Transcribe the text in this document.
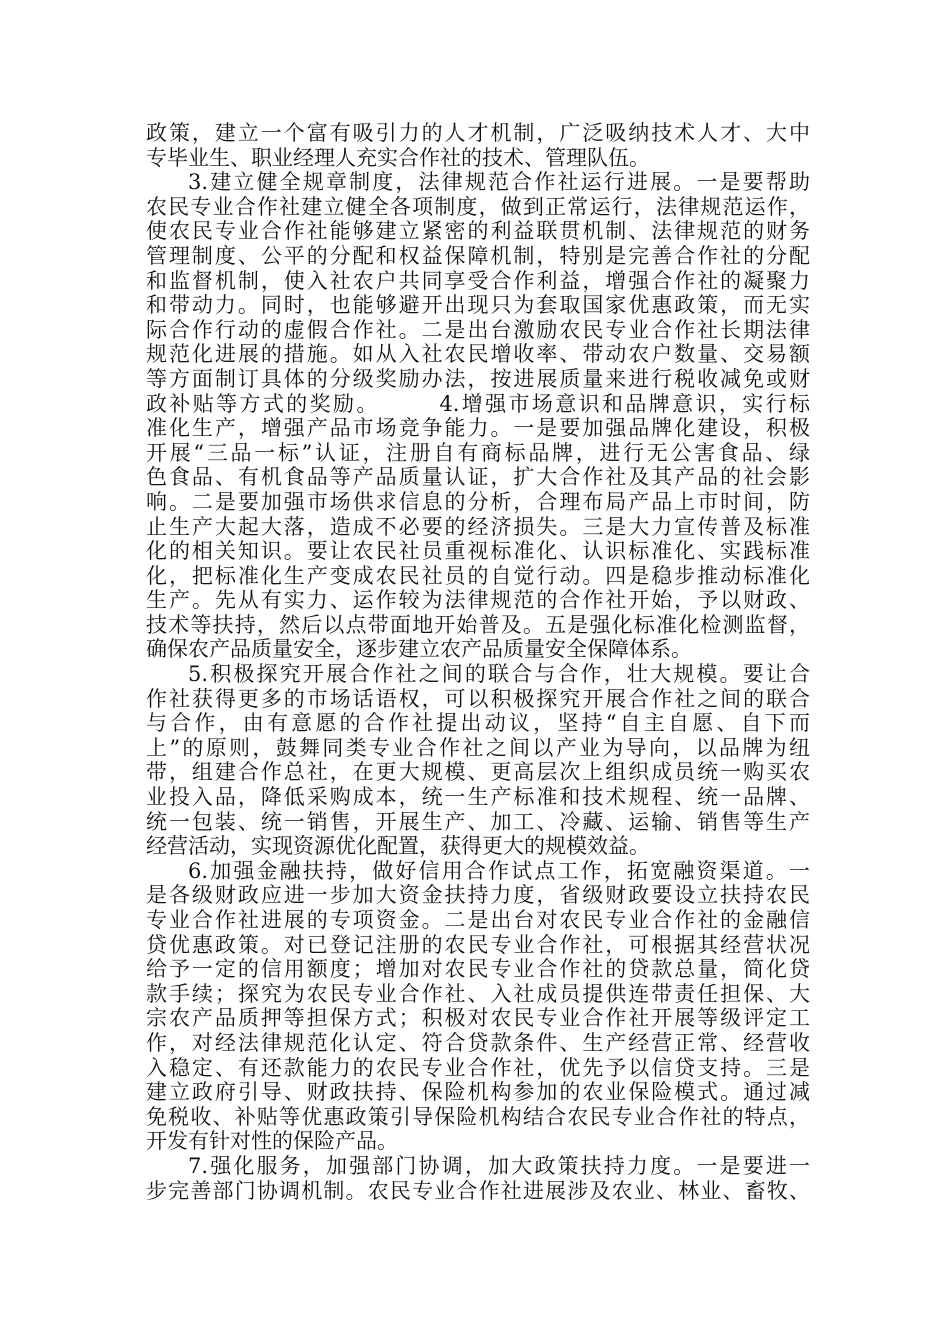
政策，建立一个富有吸引力的人才机制，广泛吸纳技术人才、大中
专毕业生、职业经理人充实合作社的技术、管理队伍。
3.建立健全规章制度，法律规范合作社运行进展。一是要帮助
农民专业合作社建立健全各项制度，做到正常运行，法律规范运作，
使农民专业合作社能够建立紧密的利益联贯机制、法律规范的财务
管理制度、公平的分配和权益保障机制，特别是完善合作社的分配
和监督机制，使入社农户共同享受合作利益，增强合作社的凝聚力
和带动力。同时，也能够避开出现只为套取国家优惠政策，而无实
际合作行动的虚假合作社。二是出台激励农民专业合作社长期法律
规范化进展的措施。如从入社农民增收率、带动农户数量、交易额
等方面制订具体的分级奖励办法，按进展质量来进行税收减免或财
政补贴等方式的奖励。　　　4.增强市场意识和品牌意识，实行标
准化生产，增强产品市场竞争能力。一是要加强品牌化建设，积极
开展“三品一标”认证，注册自有商标品牌，进行无公害食品、绿
色食品、有机食品等产品质量认证，扩大合作社及其产品的社会影
响。二是要加强市场供求信息的分析，合理布局产品上市时间，防
止生产大起大落，造成不必要的经济损失。三是大力宣传普及标准
化的相关知识。要让农民社员重视标准化、认识标准化、实践标准
化，把标准化生产变成农民社员的自觉行动。四是稳步推动标准化
生产。先从有实力、运作较为法律规范的合作社开始，予以财政、
技术等扶持，然后以点带面地开始普及。五是强化标准化检测监督，
确保农产品质量安全，逐步建立农产品质量安全保障体系。
5.积极探究开展合作社之间的联合与合作，壮大规模。要让合
作社获得更多的市场话语权，可以积极探究开展合作社之间的联合
与合作，由有意愿的合作社提出动议，坚持“自主自愿、自下而
上”的原则，鼓舞同类专业合作社之间以产业为导向，以品牌为纽
带，组建合作总社，在更大规模、更高层次上组织成员统一购买农
业投入品，降低采购成本，统一生产标准和技术规程、统一品牌、
统一包装、统一销售，开展生产、加工、冷藏、运输、销售等生产
经营活动，实现资源优化配置，获得更大的规模效益。
6.加强金融扶持，做好信用合作试点工作，拓宽融资渠道。一
是各级财政应进一步加大资金扶持力度，省级财政要设立扶持农民
专业合作社进展的专项资金。二是出台对农民专业合作社的金融信
贷优惠政策。对已登记注册的农民专业合作社，可根据其经营状况
给予一定的信用额度；增加对农民专业合作社的贷款总量，简化贷
款手续；探究为农民专业合作社、入社成员提供连带责任担保、大
宗农产品质押等担保方式；积极对农民专业合作社开展等级评定工
作，对经法律规范化认定、符合贷款条件、生产经营正常、经营收
入稳定、有还款能力的农民专业合作社，优先予以信贷支持。三是
建立政府引导、财政扶持、保险机构参加的农业保险模式。通过减
免税收、补贴等优惠政策引导保险机构结合农民专业合作社的特点，
开发有针对性的保险产品。
7.强化服务，加强部门协调，加大政策扶持力度。一是要进一
步完善部门协调机制。农民专业合作社进展涉及农业、林业、畜牧、
